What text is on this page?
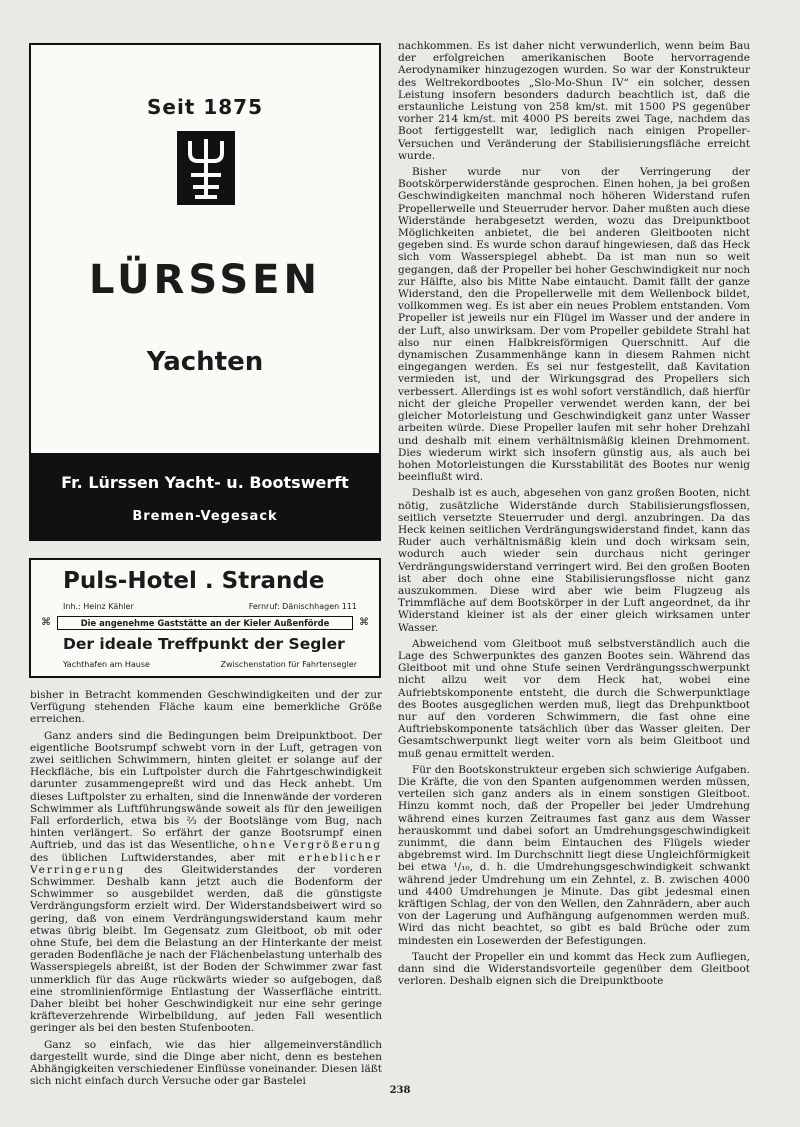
Seit 1875
LÜRSSEN
Yachten
Fr. Lürssen Yacht- u. Bootswerft
Bremen-Vegesack
Puls-Hotel . Strande
Inh.: Heinz Kähler	Fernruf: Dänischhagen 111
⌘	Die angenehme Gaststätte an der Kieler Außenförde	⌘
Der ideale Treffpunkt der Segler
Yachthafen am Hause	Zwischenstation für Fahrtensegler

nachkommen. Es ist daher nicht verwunderlich, wenn beim Bau der erfolgreichen amerikanischen Boote hervorragende Aerodynamiker hinzugezogen wurden. So war der Konstrukteur des Weltrekordbootes „Slo-Mo-Shun IV“ ein solcher, dessen Leistung insofern besonders dadurch beachtlich ist, daß die erstaunliche Leistung von 258 km/st. mit 1500 PS gegenüber vorher 214 km/st. mit 4000 PS bereits zwei Tage, nachdem das Boot fertiggestellt war, lediglich nach einigen Propeller-Versuchen und Veränderung der Stabilisierungsfläche erreicht wurde.

Bisher wurde nur von der Verringerung der Bootskörperwiderstände gesprochen. Einen hohen, ja bei großen Geschwindigkeiten manchmal noch höheren Widerstand rufen Propellerwelle und Steuerruder hervor. Daher mußten auch diese Widerstände herabgesetzt werden, wozu das Dreipunktboot Möglichkeiten anbietet, die bei anderen Gleitbooten nicht gegeben sind. Es wurde schon darauf hingewiesen, daß das Heck sich vom Wasserspiegel abhebt. Da ist man nun so weit gegangen, daß der Propeller bei hoher Geschwindigkeit nur noch zur Hälfte, also bis Mitte Nabe eintaucht. Damit fällt der ganze Widerstand, den die Propellerwelle mit dem Wellenbock bildet, vollkommen weg. Es ist aber ein neues Problem entstanden. Vom Propeller ist jeweils nur ein Flügel im Wasser und der andere in der Luft, also unwirksam. Der vom Propeller gebildete Strahl hat also nur einen Halbkreisförmigen Querschnitt. Auf die dynamischen Zusammenhänge kann in diesem Rahmen nicht eingegangen werden. Es sei nur festgestellt, daß Kavitation vermieden ist, und der Wirkungsgrad des Propellers sich verbessert. Allerdings ist es wohl sofort verständlich, daß hierfür nicht der gleiche Propeller verwendet werden kann, der bei gleicher Motorleistung und Geschwindigkeit ganz unter Wasser arbeiten würde. Diese Propeller laufen mit sehr hoher Drehzahl und deshalb mit einem verhältnismäßig kleinen Drehmoment. Dies wiederum wirkt sich insofern günstig aus, als auch bei hohen Motorleistungen die Kursstabilität des Bootes nur wenig beeinflußt wird.

Deshalb ist es auch, abgesehen von ganz großen Booten, nicht nötig, zusätzliche Widerstände durch Stabilisierungsflossen, seitlich versetzte Steuerruder und dergl. anzubringen. Da das Heck keinen seitlichen Verdrängungswiderstand findet, kann das Ruder auch verhältnismäßig klein und doch wirksam sein, wodurch auch wieder sein durchaus nicht geringer Verdrängungswiderstand verringert wird. Bei den großen Booten ist aber doch ohne eine Stabilisierungsflosse nicht ganz auszukommen. Diese wird aber wie beim Flugzeug als Trimmfläche auf dem Bootskörper in der Luft angeordnet, da ihr Widerstand kleiner ist als der einer gleich wirksamen unter Wasser.

Abweichend vom Gleitboot muß selbstverständlich auch die Lage des Schwerpunktes des ganzen Bootes sein. Während das Gleitboot mit und ohne Stufe seinen Verdrängungsschwerpunkt nicht allzu weit vor dem Heck hat, wobei eine Aufriebtskomponente entsteht, die durch die Schwerpunktlage des Bootes ausgeglichen werden muß, liegt das Drehpunktboot nur auf den vorderen Schwimmern, die fast ohne eine Auftriebskomponente tatsächlich über das Wasser gleiten. Der Gesamtschwerpunkt liegt weiter vorn als beim Gleitboot und muß genau ermittelt werden.

Für den Bootskonstrukteur ergeben sich schwierige Aufgaben. Die Kräfte, die von den Spanten aufgenommen werden müssen, verteilen sich ganz anders als in einem sonstigen Gleitboot. Hinzu kommt noch, daß der Propeller bei jeder Umdrehung während eines kurzen Zeitraumes fast ganz aus dem Wasser herauskommt und dabei sofort an Umdrehungsgeschwindigkeit zunimmt, die dann beim Eintauchen des Flügels wieder abgebremst wird. Im Durchschnitt liegt diese Ungleichförmigkeit bei etwa ¹/₁₀, d. h. die Umdrehungsgeschwindigkeit schwankt während jeder Umdrehung um ein Zehntel, z. B. zwischen 4000 und 4400 Umdrehungen je Minute. Das gibt jedesmal einen kräftigen Schlag, der von den Wellen, den Zahnrädern, aber auch von der Lagerung und Aufhängung aufgenommen werden muß. Wird das nicht beachtet, so gibt es bald Brüche oder zum mindesten ein Losewerden der Befestigungen.

Taucht der Propeller ein und kommt das Heck zum Aufliegen, dann sind die Widerstandsvorteile gegenüber dem Gleitboot verloren. Deshalb eignen sich die Dreipunktboote

bisher in Betracht kommenden Geschwindigkeiten und der zur Verfügung stehenden Fläche kaum eine bemerkliche Größe erreichen.

Ganz anders sind die Bedingungen beim Dreipunktboot. Der eigentliche Bootsrumpf schwebt vorn in der Luft, getragen von zwei seitlichen Schwimmern, hinten gleitet er solange auf der Heckfläche, bis ein Luftpolster durch die Fahrtgeschwindigkeit darunter zusammengepreßt wird und das Heck anhebt. Um dieses Luftpolster zu erhalten, sind die Innenwände der vorderen Schwimmer als Luftführungswände soweit als für den jeweiligen Fall erforderlich, etwa bis ⅔ der Bootslänge vom Bug, nach hinten verlängert. So erfährt der ganze Bootsrumpf einen Auftrieb, und das ist das Wesentliche, ohne Vergrößerung des üblichen Luftwiderstandes, aber mit erheblicher Verringerung des Gleitwiderstandes der vorderen Schwimmer. Deshalb kann jetzt auch die Bodenform der Schwimmer so ausgebildet werden, daß die günstigste Verdrängungsform erzielt wird. Der Widerstandsbeiwert wird so gering, daß von einem Verdrängungswiderstand kaum mehr etwas übrig bleibt. Im Gegensatz zum Gleitboot, ob mit oder ohne Stufe, bei dem die Belastung an der Hinterkante der meist geraden Bodenfläche je nach der Flächenbelastung unterhalb des Wasserspiegels abreißt, ist der Boden der Schwimmer zwar fast unmerklich für das Auge rückwärts wieder so aufgebogen, daß eine stromlinienförmige Entlastung der Wasserfläche eintritt. Daher bleibt bei hoher Geschwindigkeit nur eine sehr geringe kräfteverzehrende Wirbelbildung, auf jeden Fall wesentlich geringer als bei den besten Stufenbooten.

Ganz so einfach, wie das hier allgemeinverständlich dargestellt wurde, sind die Dinge aber nicht, denn es bestehen Abhängigkeiten verschiedener Einflüsse voneinander. Diesen läßt sich nicht einfach durch Versuche oder gar Bastelei

238
